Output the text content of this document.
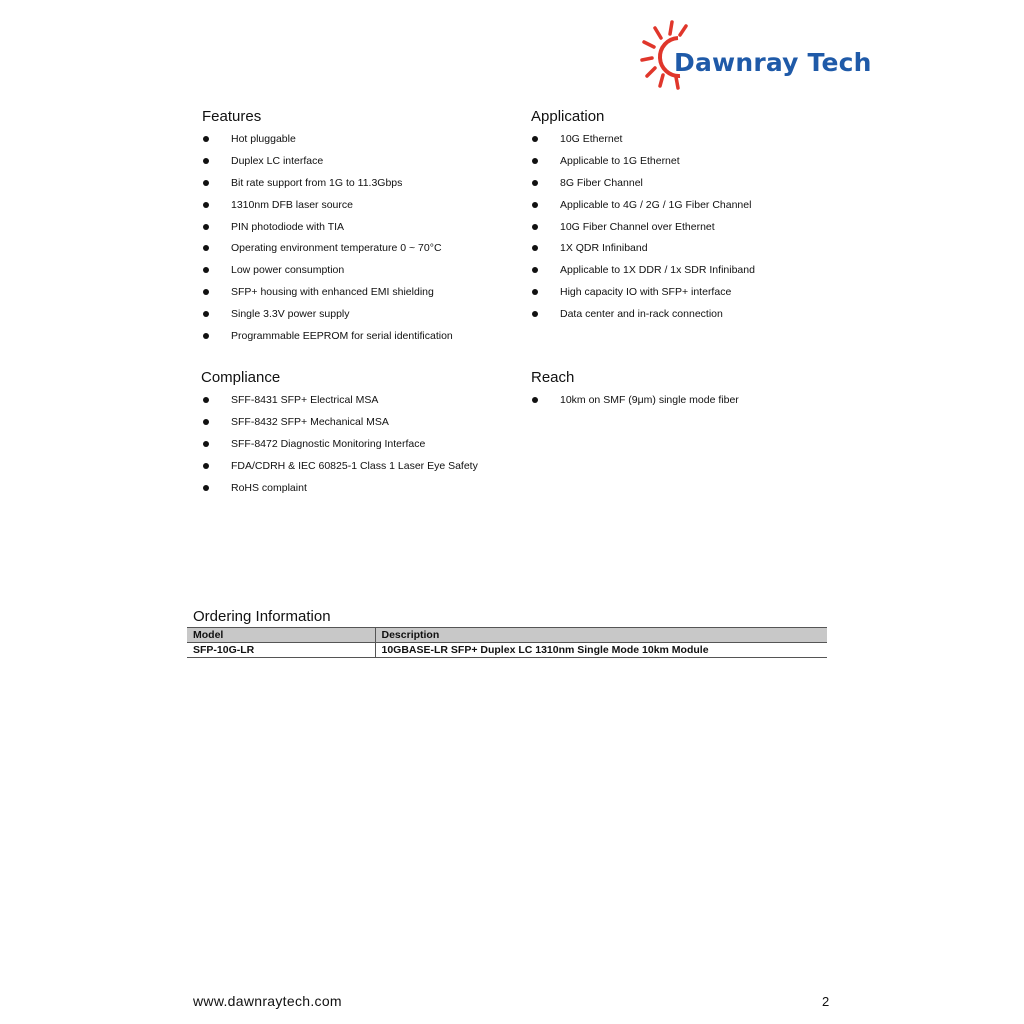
Dawnray Tech
Features
Hot pluggable
Duplex LC interface
Bit rate support from 1G to 11.3Gbps
1310nm DFB laser source
PIN photodiode with TIA
Operating environment temperature 0 ~ 70°C
Low power consumption
SFP+ housing with enhanced EMI shielding
Single 3.3V power supply
Programmable EEPROM for serial identification
Application
10G Ethernet
Applicable to 1G Ethernet
8G Fiber Channel
Applicable to 4G / 2G / 1G Fiber Channel
10G Fiber Channel over Ethernet
1X QDR Infiniband
Applicable to 1X DDR / 1x SDR Infiniband
High capacity IO with SFP+ interface
Data center and in-rack connection
Compliance
SFF-8431 SFP+ Electrical MSA
SFF-8432 SFP+ Mechanical MSA
SFF-8472 Diagnostic Monitoring Interface
FDA/CDRH & IEC 60825-1 Class 1 Laser Eye Safety
RoHS complaint
Reach
10km on SMF (9μm) single mode fiber
Ordering Information
Model	Description
SFP-10G-LR	10GBASE-LR SFP+ Duplex LC 1310nm Single Mode 10km Module
www.dawnraytech.com	2
